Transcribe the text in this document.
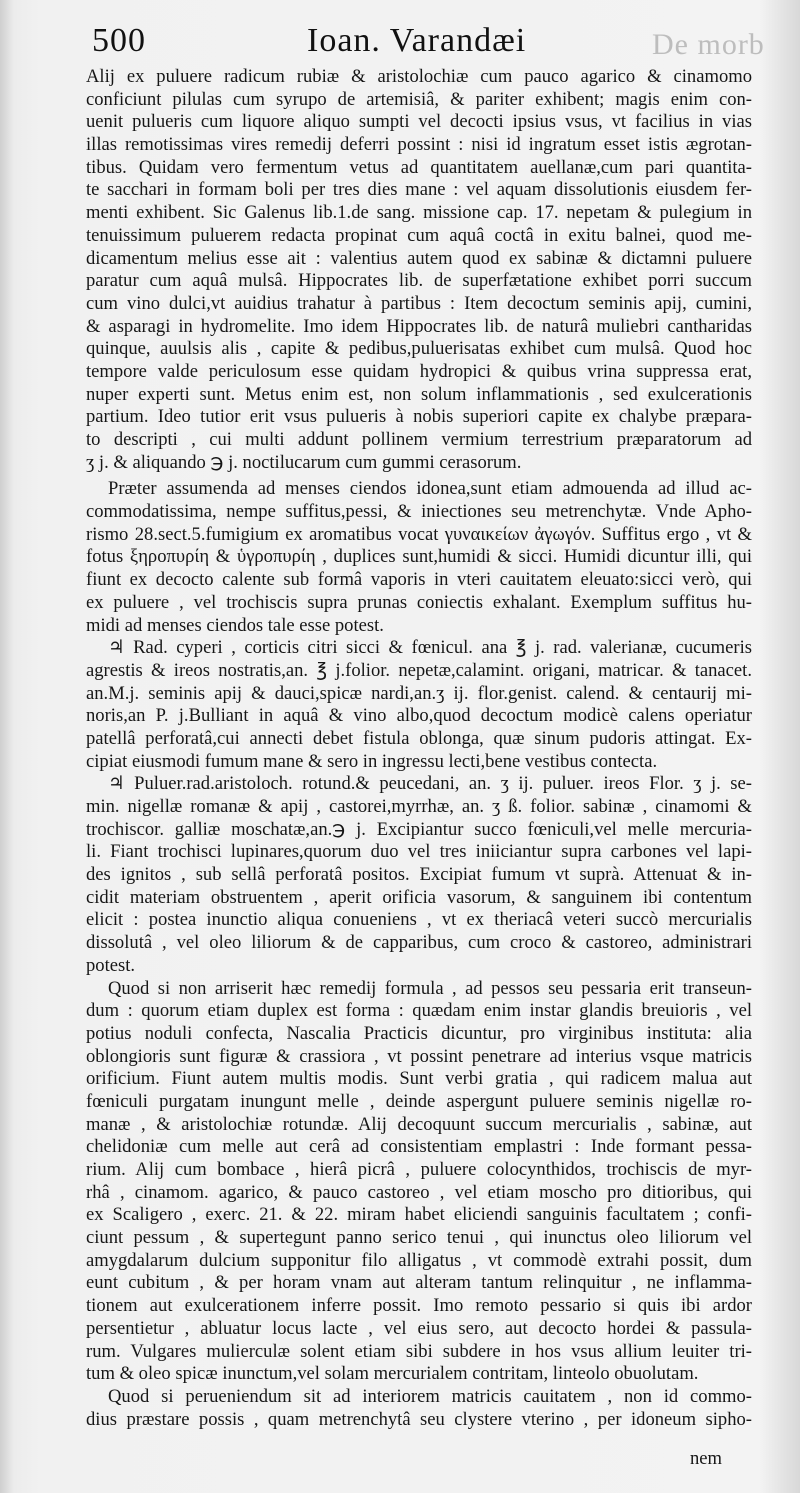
500	Ioan. Varandæi	De morb
Alij ex puluere radicum rubiæ & aristolochiæ cum pauco agarico & cinamomo
conficiunt pilulas cum syrupo de artemisiâ, & pariter exhibent; magis enim con-
uenit pulueris cum liquore aliquo sumpti vel decocti ipsius vsus, vt facilius in vias
illas remotissimas vires remedij deferri possint : nisi id ingratum esset istis ægrotan-
tibus. Quidam vero fermentum vetus ad quantitatem auellanæ,cum pari quantita-
te sacchari in formam boli per tres dies mane : vel aquam dissolutionis eiusdem fer-
menti exhibent. Sic Galenus lib.1.de sang. missione cap. 17. nepetam & pulegium in
tenuissimum puluerem redacta propinat cum aquâ coctâ in exitu balnei, quod me-
dicamentum melius esse ait : valentius autem quod ex sabinæ & dictamni puluere
paratur cum aquâ mulsâ. Hippocrates lib. de superfætatione exhibet porri succum
cum vino dulci,vt auidius trahatur à partibus : Item decoctum seminis apij, cumini,
& asparagi in hydromelite. Imo idem Hippocrates lib. de naturâ muliebri cantharidas
quinque, auulsis alis , capite & pedibus,puluerisatas exhibet cum mulsâ. Quod hoc
tempore valde periculosum esse quidam hydropici & quibus vrina suppressa erat,
nuper experti sunt. Metus enim est, non solum inflammationis , sed exulcerationis
partium. Ideo tutior erit vsus pulueris à nobis superiori capite ex chalybe præpara-
to descripti , cui multi addunt pollinem vermium terrestrium præparatorum ad
ʒ j. & aliquando ℈ j. noctilucarum cum gummi cerasorum.
Præter assumenda ad menses ciendos idonea,sunt etiam admouenda ad illud ac-
commodatissima, nempe suffitus,pessi, & iniectiones seu metrenchytæ. Vnde Apho-
rismo 28.sect.5.fumigium ex aromatibus vocat γυναικείων ἀγωγόν. Suffitus ergo , vt &
fotus ξηροπυρίη & ὑγροπυρίη , duplices sunt,humidi & sicci. Humidi dicuntur illi, qui
fiunt ex decocto calente sub formâ vaporis in vteri cauitatem eleuato:sicci verò, qui
ex puluere , vel trochiscis supra prunas coniectis exhalant. Exemplum suffitus hu-
midi ad menses ciendos tale esse potest.
♃ Rad. cyperi , corticis citri sicci & fœnicul. ana ℥ j. rad. valerianæ, cucumeris
agrestis & ireos nostratis,an. ℥ j.folior. nepetæ,calamint. origani, matricar. & tanacet.
an.M.j. seminis apij & dauci,spicæ nardi,an.ʒ ij. flor.genist. calend. & centaurij mi-
noris,an P. j.Bulliant in aquâ & vino albo,quod decoctum modicè calens operiatur
patellâ perforatâ,cui annecti debet fistula oblonga, quæ sinum pudoris attingat. Ex-
cipiat eiusmodi fumum mane & sero in ingressu lecti,bene vestibus contecta.
♃ Puluer.rad.aristoloch. rotund.& peucedani, an. ʒ ij. puluer. ireos Flor. ʒ j. se-
min. nigellæ romanæ & apij , castorei,myrrhæ, an. ʒ ß. folior. sabinæ , cinamomi &
trochiscor. galliæ moschatæ,an.℈ j. Excipiantur succo fœniculi,vel melle mercuria-
li. Fiant trochisci lupinares,quorum duo vel tres iniiciantur supra carbones vel lapi-
des ignitos , sub sellâ perforatâ positos. Excipiat fumum vt suprà. Attenuat & in-
cidit materiam obstruentem , aperit orificia vasorum, & sanguinem ibi contentum
elicit : postea inunctio aliqua conueniens , vt ex theriacâ veteri succò mercurialis
dissolutâ , vel oleo liliorum & de capparibus, cum croco & castoreo, administrari
potest.
Quod si non arriserit hæc remedij formula , ad pessos seu pessaria erit transeun-
dum : quorum etiam duplex est forma : quædam enim instar glandis breuioris , vel
potius noduli confecta, Nascalia Practicis dicuntur, pro virginibus instituta: alia
oblongioris sunt figuræ & crassiora , vt possint penetrare ad interius vsque matricis
orificium. Fiunt autem multis modis. Sunt verbi gratia , qui radicem malua aut
fœniculi purgatam inungunt melle , deinde aspergunt puluere seminis nigellæ ro-
manæ , & aristolochiæ rotundæ. Alij decoquunt succum mercurialis , sabinæ, aut
chelidoniæ cum melle aut cerâ ad consistentiam emplastri : Inde formant pessa-
rium. Alij cum bombace , hierâ picrâ , puluere colocynthidos, trochiscis de myr-
rhâ , cinamom. agarico, & pauco castoreo , vel etiam moscho pro ditioribus, qui
ex Scaligero , exerc. 21. & 22. miram habet eliciendi sanguinis facultatem ; confi-
ciunt pessum , & supertegunt panno serico tenui , qui inunctus oleo liliorum vel
amygdalarum dulcium supponitur filo alligatus , vt commodè extrahi possit, dum
eunt cubitum , & per horam vnam aut alteram tantum relinquitur , ne inflamma-
tionem aut exulcerationem inferre possit. Imo remoto pessario si quis ibi ardor
persentietur , abluatur locus lacte , vel eius sero, aut decocto hordei & passula-
rum. Vulgares mulierculæ solent etiam sibi subdere in hos vsus allium leuiter tri-
tum & oleo spicæ inunctum,vel solam mercurialem contritam, linteolo obuolutam.
Quod si perueniendum sit ad interiorem matricis cauitatem , non id commo-
dius præstare possis , quam metrenchytâ seu clystere vterino , per idoneum sipho-
nem
